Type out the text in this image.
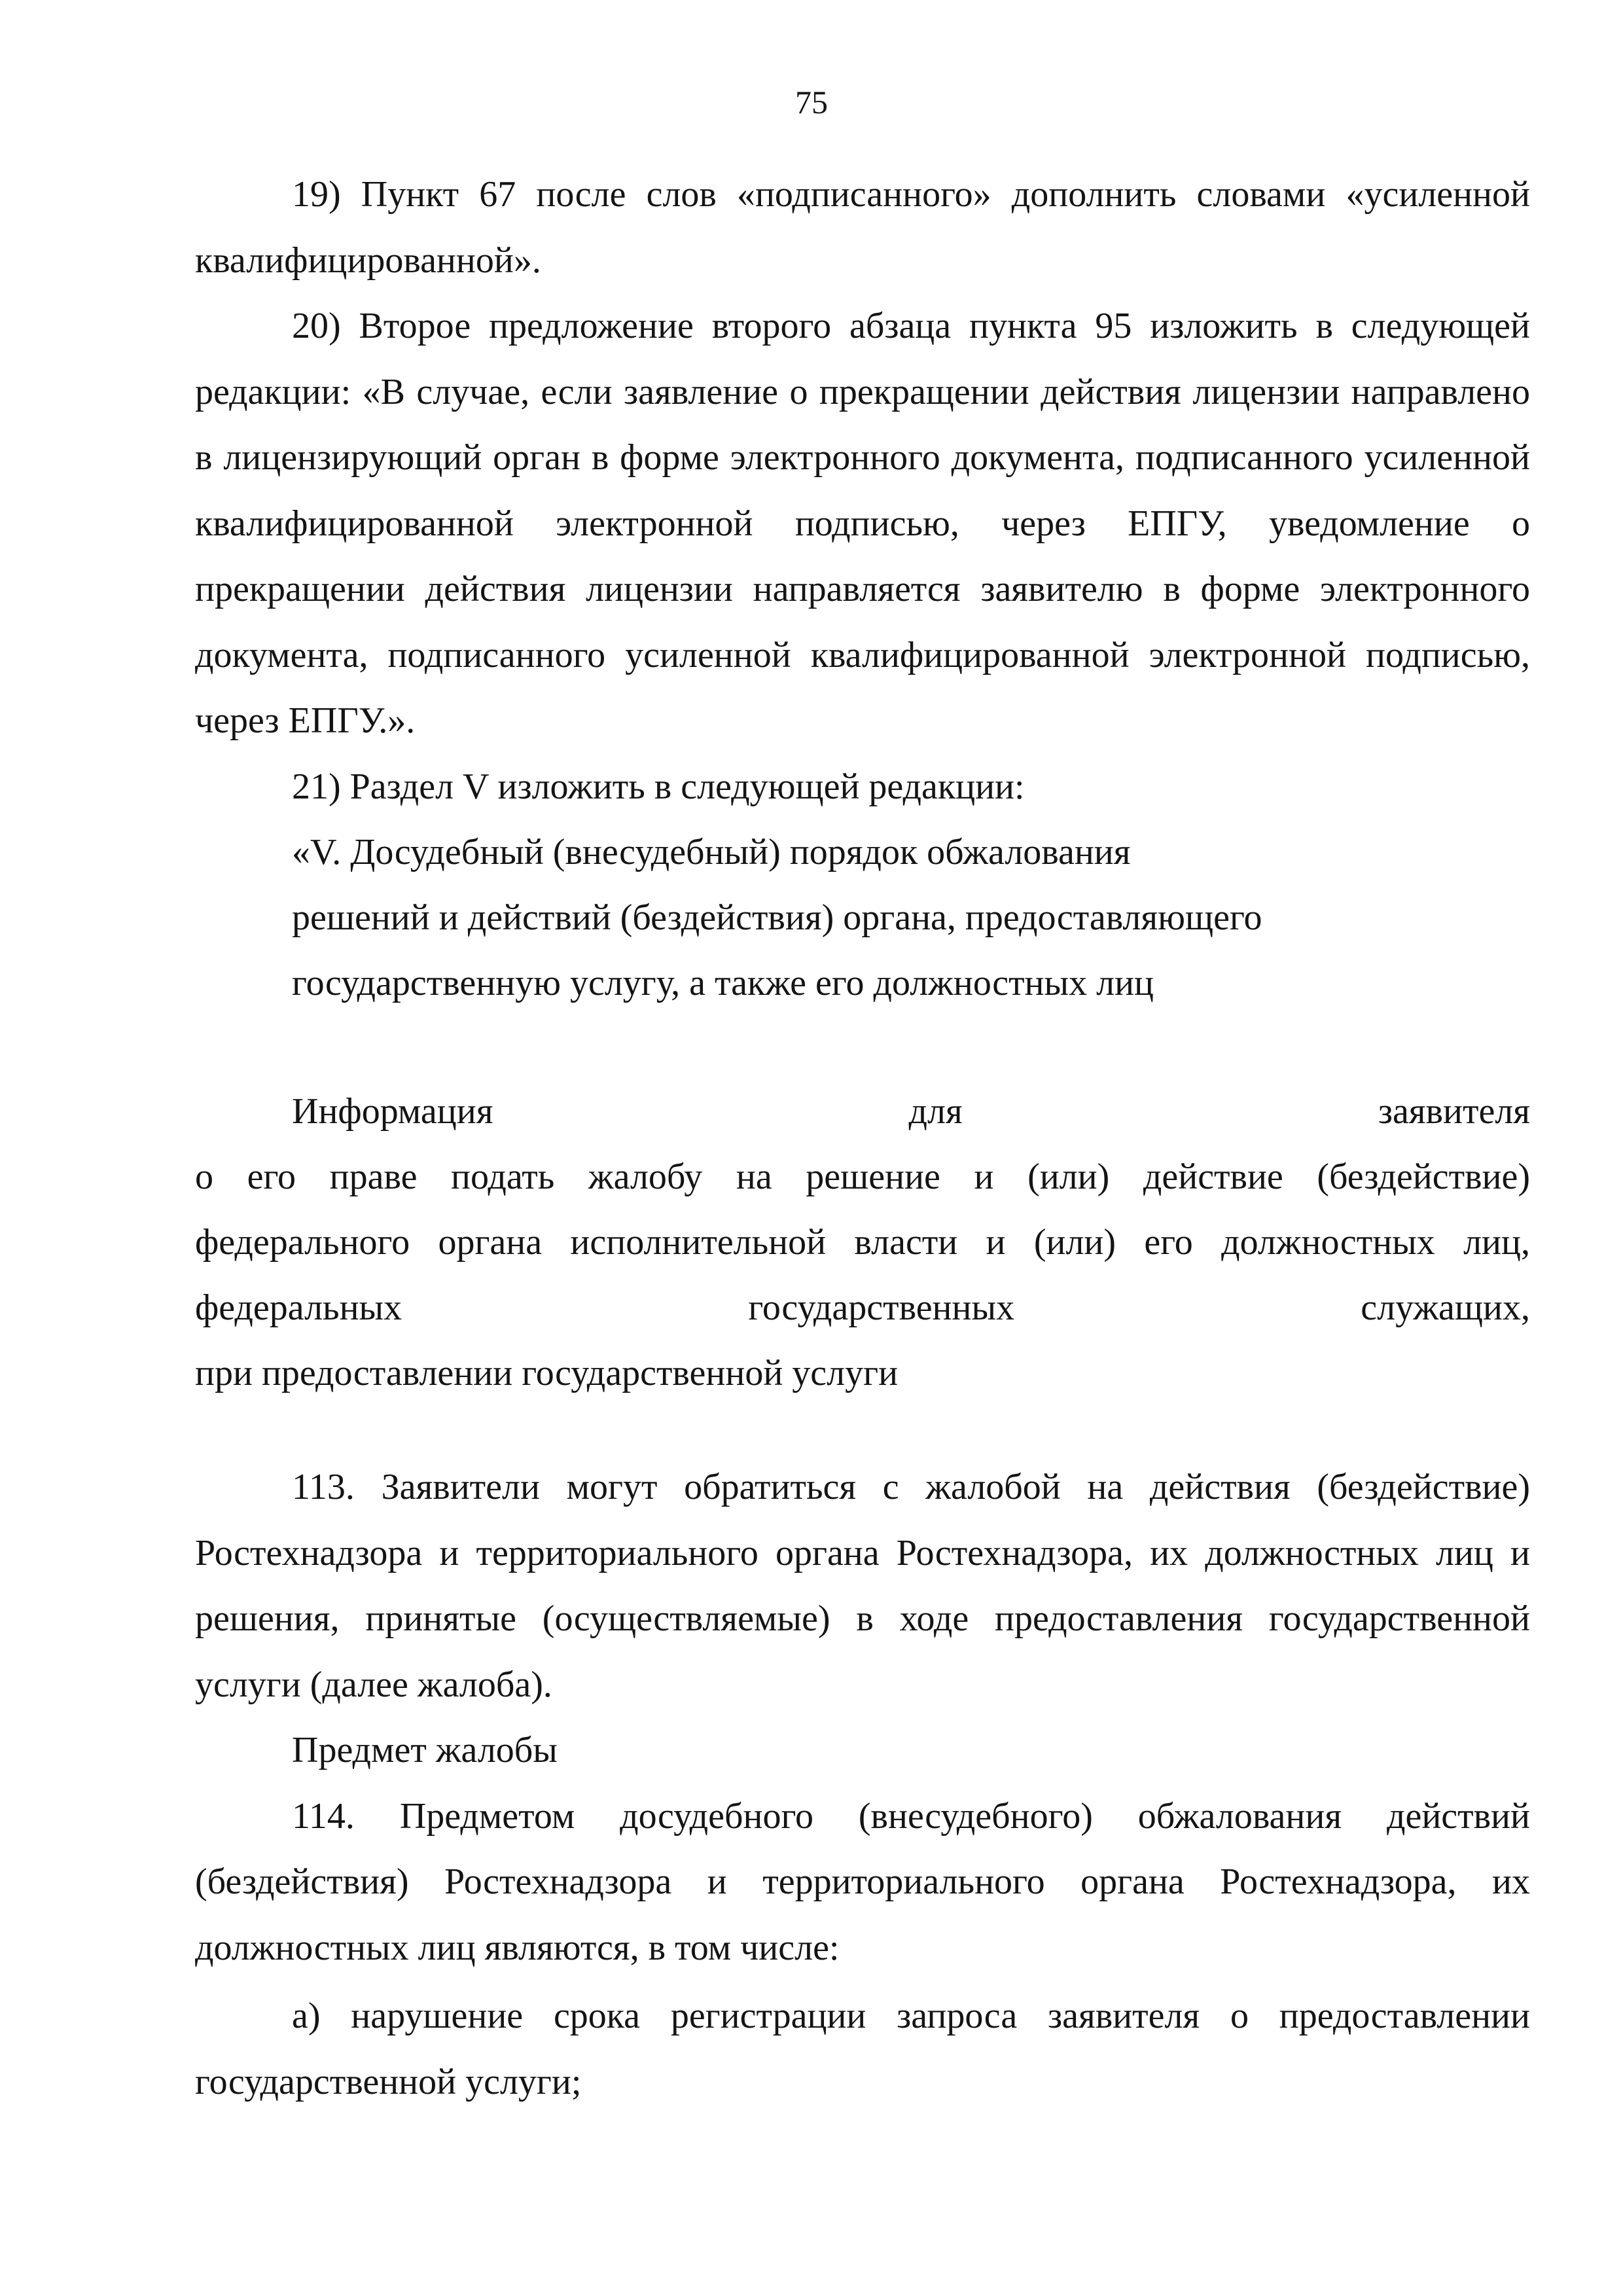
75

19) Пункт 67 после слов «подписанного» дополнить словами «усиленной квалифицированной».

20) Второе предложение второго абзаца пункта 95 изложить в следующей редакции: «В случае, если заявление о прекращении действия лицензии направлено в лицензирующий орган в форме электронного документа, подписанного усиленной квалифицированной электронной подписью, через ЕПГУ, уведомление о прекращении действия лицензии направляется заявителю в форме электронного документа, подписанного усиленной квалифицированной электронной подписью, через ЕПГУ.».

21) Раздел V изложить в следующей редакции:

«V. Досудебный (внесудебный) порядок обжалования

решений и действий (бездействия) органа, предоставляющего

государственную услугу, а также его должностных лиц

Информация для заявителя
о его праве подать жалобу на решение и (или) действие (бездействие)
федерального органа исполнительной власти и (или) его должностных лиц,
федеральных государственных служащих,
при предоставлении государственной услуги

113. Заявители могут обратиться с жалобой на действия (бездействие) Ростехнадзора и территориального органа Ростехнадзора, их должностных лиц и решения, принятые (осуществляемые) в ходе предоставления государственной услуги (далее жалоба).

Предмет жалобы

114. Предметом досудебного (внесудебного) обжалования действий (бездействия) Ростехнадзора и территориального органа Ростехнадзора, их должностных лиц являются, в том числе:

а) нарушение срока регистрации запроса заявителя о предоставлении государственной услуги;
